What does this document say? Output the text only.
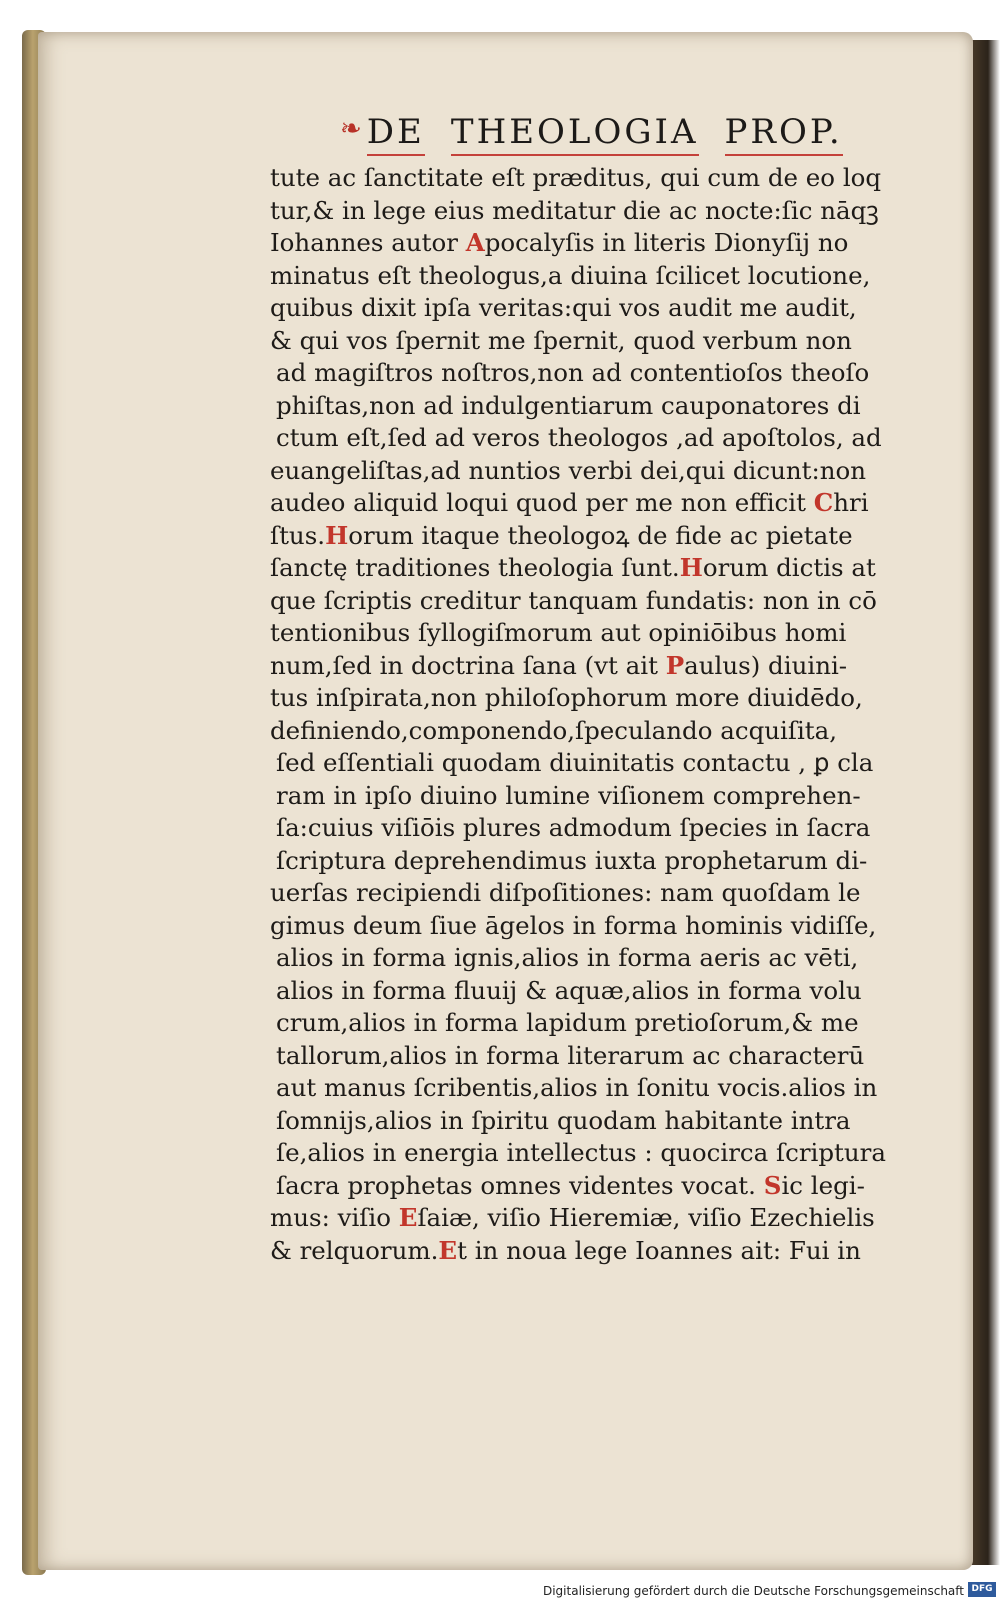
❧DE THEOLOGIA PROP.
tute ac ſanctitate eſt præditus, qui cum de eo loq
tur,& in lege eius meditatur die ac nocte:ſic nāqꝫ
Iohannes autor Apocalyſis in literis Dionyſij no
minatus eſt theologus,a diuina ſcilicet locutione,
quibus dixit ipſa veritas:qui vos audit me audit,
& qui vos ſpernit me ſpernit, quod verbum non
ad magiſtros noſtros,non ad contentioſos theoſo
phiſtas,non ad indulgentiarum cauponatores di
ctum eſt,ſed ad veros theologos ,ad apoſtolos, ad
euangeliſtas,ad nuntios verbi dei,qui dicunt:non
audeo aliquid loqui quod per me non efficit Chri
ſtus.Horum itaque theologoꝝ de fide ac pietate
ſanctę traditiones theologia ſunt.Horum dictis at
que ſcriptis creditur tanquam fundatis: non in cō
tentionibus ſyllogiſmorum aut opiniōibus homi
num,ſed in doctrina ſana (vt ait Paulus) diuini-
tus inſpirata,non philoſophorum more diuidēdo,
definiendo,componendo,ſpeculando acquiſita,
ſed eſſentiali quodam diuinitatis contactu , ꝑ cla
ram in ipſo diuino lumine viſionem comprehen-
ſa:cuius viſiōis plures admodum ſpecies in ſacra
ſcriptura deprehendimus iuxta prophetarum di-
uerſas recipiendi diſpoſitiones: nam quoſdam le
gimus deum ſiue āgelos in forma hominis vidiſſe,
alios in forma ignis,alios in forma aeris ac vēti,
alios in forma fluuij & aquæ,alios in forma volu
crum,alios in forma lapidum pretioſorum,& me
tallorum,alios in forma literarum ac characterū
aut manus ſcribentis,alios in ſonitu vocis.alios in
ſomnijs,alios in ſpiritu quodam habitante intra
ſe,alios in energia intellectus : quocirca ſcriptura
ſacra prophetas omnes videntes vocat. Sic legi-
mus: viſio Eſaiæ, viſio Hieremiæ, viſio Ezechielis
& relquorum.Et in noua lege Ioannes ait: Fui in
Digitalisierung gefördert durch die Deutsche Forschungsgemeinschaft DFG
